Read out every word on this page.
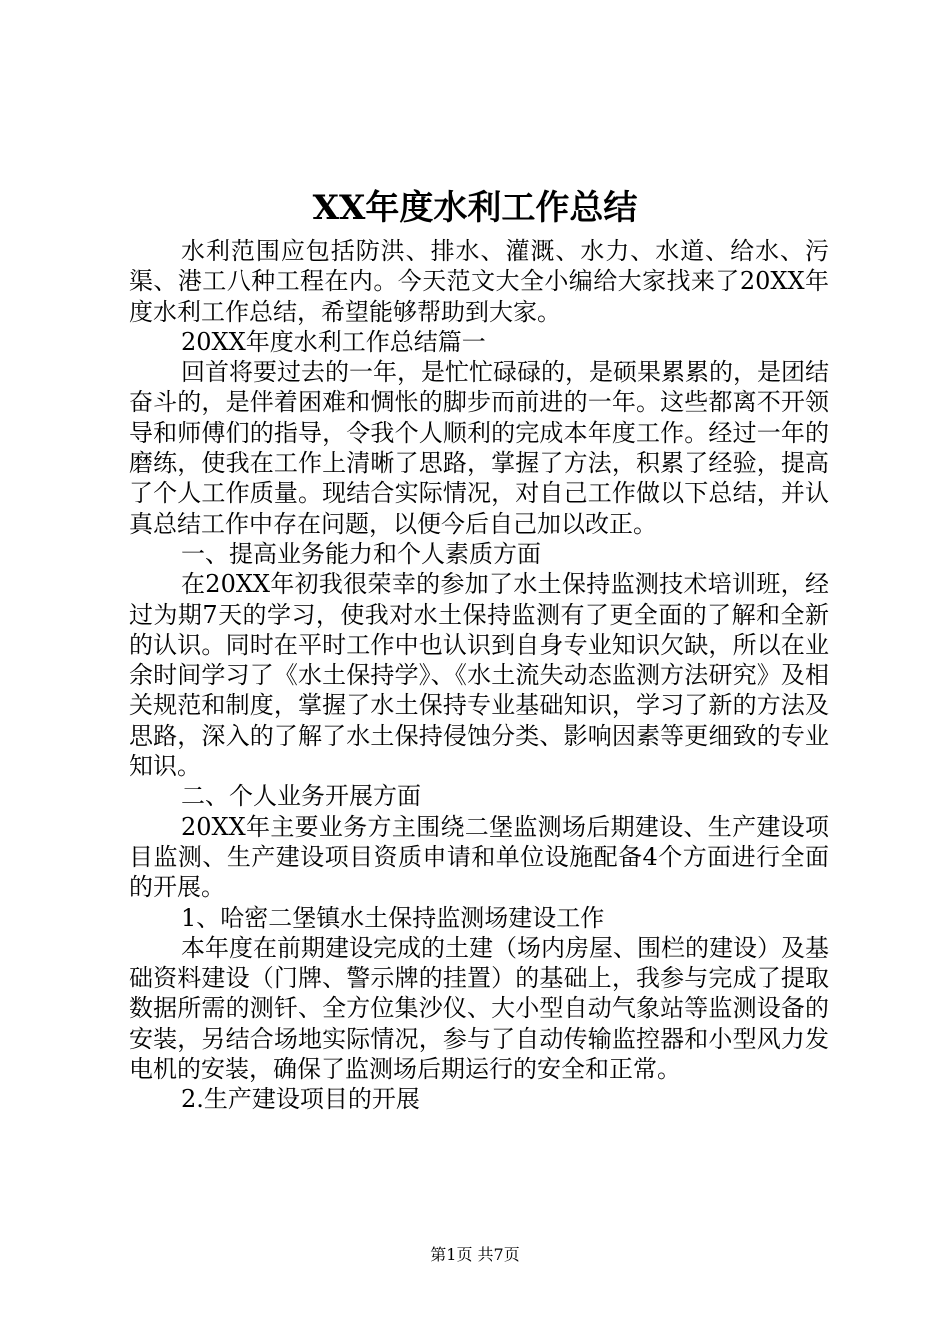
XX年度水利工作总结

水利范围应包括防洪、排水、灌溉、水力、水道、给水、污渠、港工八种工程在内。今天范文大全小编给大家找来了20XX年度水利工作总结，希望能够帮助到大家。

20XX年度水利工作总结篇一

回首将要过去的一年，是忙忙碌碌的，是硕果累累的，是团结奋斗的，是伴着困难和惆怅的脚步而前进的一年。这些都离不开领导和师傅们的指导，令我个人顺利的完成本年度工作。经过一年的磨练，使我在工作上清晰了思路，掌握了方法，积累了经验，提高了个人工作质量。现结合实际情况，对自己工作做以下总结，并认真总结工作中存在问题，以便今后自己加以改正。

一、提高业务能力和个人素质方面

在20XX年初我很荣幸的参加了水土保持监测技术培训班，经过为期7天的学习，使我对水土保持监测有了更全面的了解和全新的认识。同时在平时工作中也认识到自身专业知识欠缺，所以在业余时间学习了《水土保持学》、《水土流失动态监测方法研究》及相关规范和制度，掌握了水土保持专业基础知识，学习了新的方法及思路，深入的了解了水土保持侵蚀分类、影响因素等更细致的专业知识。

二、个人业务开展方面

20XX年主要业务方主围绕二堡监测场后期建设、生产建设项目监测、生产建设项目资质申请和单位设施配备4个方面进行全面的开展。

1、哈密二堡镇水土保持监测场建设工作

本年度在前期建设完成的土建（场内房屋、围栏的建设）及基础资料建设（门牌、警示牌的挂置）的基础上，我参与完成了提取数据所需的测钎、全方位集沙仪、大小型自动气象站等监测设备的安装，另结合场地实际情况，参与了自动传输监控器和小型风力发电机的安装，确保了监测场后期运行的安全和正常。

2.生产建设项目的开展

第1页 共7页
